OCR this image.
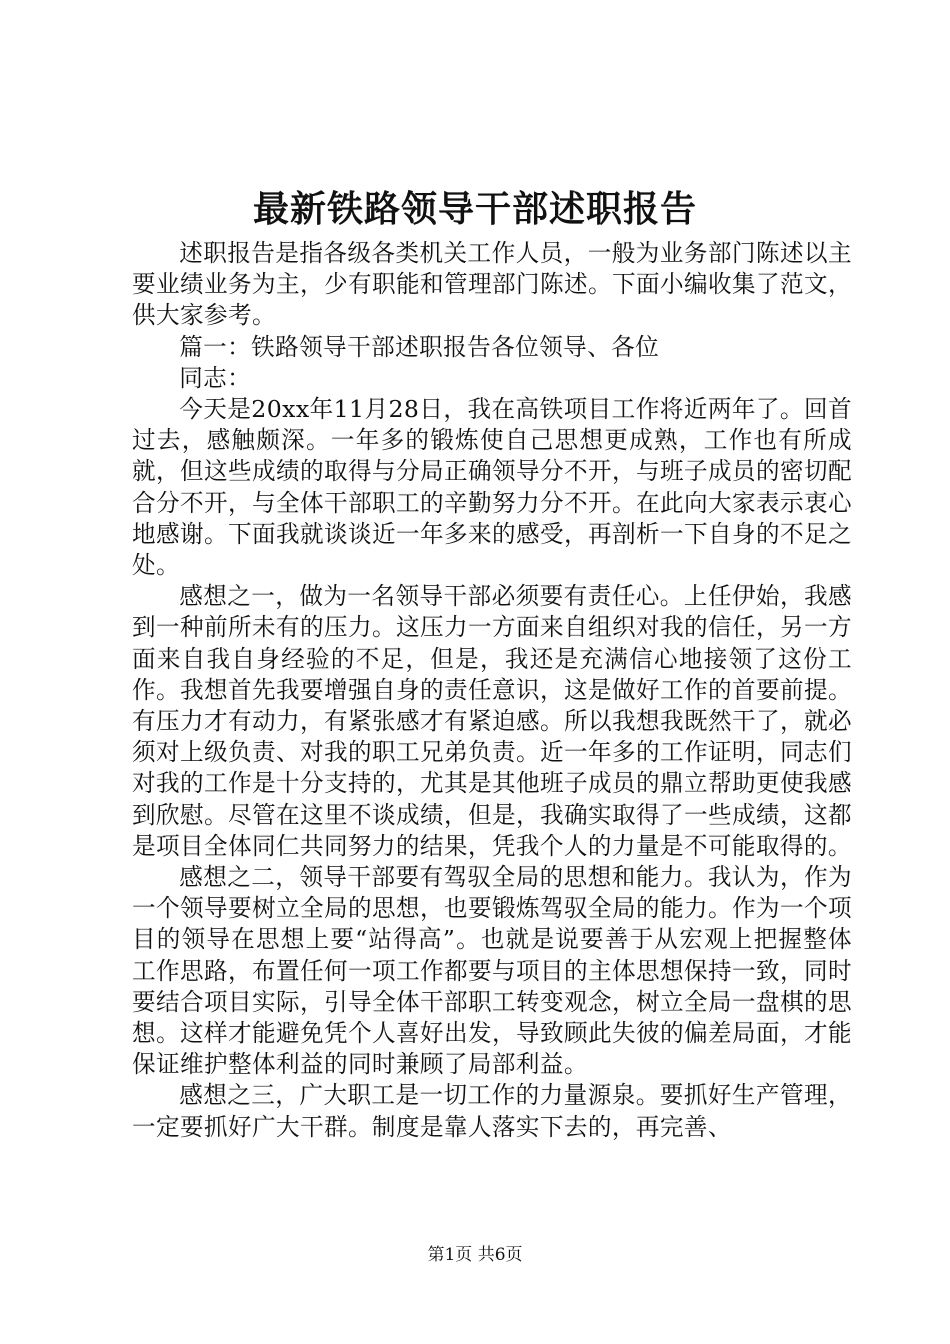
最新铁路领导干部述职报告

述职报告是指各级各类机关工作人员，一般为业务部门陈述以主要业绩业务为主，少有职能和管理部门陈述。下面小编收集了范文，供大家参考。

篇一：铁路领导干部述职报告各位领导、各位

同志：

今天是20xx年11月28日，我在高铁项目工作将近两年了。回首过去，感触颇深。一年多的锻炼使自己思想更成熟，工作也有所成就，但这些成绩的取得与分局正确领导分不开，与班子成员的密切配合分不开，与全体干部职工的辛勤努力分不开。在此向大家表示衷心地感谢。下面我就谈谈近一年多来的感受，再剖析一下自身的不足之处。

感想之一，做为一名领导干部必须要有责任心。上任伊始，我感到一种前所未有的压力。这压力一方面来自组织对我的信任，另一方面来自我自身经验的不足，但是，我还是充满信心地接领了这份工作。我想首先我要增强自身的责任意识，这是做好工作的首要前提。有压力才有动力，有紧张感才有紧迫感。所以我想我既然干了，就必须对上级负责、对我的职工兄弟负责。近一年多的工作证明，同志们对我的工作是十分支持的，尤其是其他班子成员的鼎立帮助更使我感到欣慰。尽管在这里不谈成绩，但是，我确实取得了一些成绩，这都是项目全体同仁共同努力的结果，凭我个人的力量是不可能取得的。

感想之二，领导干部要有驾驭全局的思想和能力。我认为，作为一个领导要树立全局的思想，也要锻炼驾驭全局的能力。作为一个项目的领导在思想上要“站得高”。也就是说要善于从宏观上把握整体工作思路，布置任何一项工作都要与项目的主体思想保持一致，同时要结合项目实际，引导全体干部职工转变观念，树立全局一盘棋的思想。这样才能避免凭个人喜好出发，导致顾此失彼的偏差局面，才能保证维护整体利益的同时兼顾了局部利益。

感想之三，广大职工是一切工作的力量源泉。要抓好生产管理，一定要抓好广大干群。制度是靠人落实下去的，再完善、

第1页 共6页
